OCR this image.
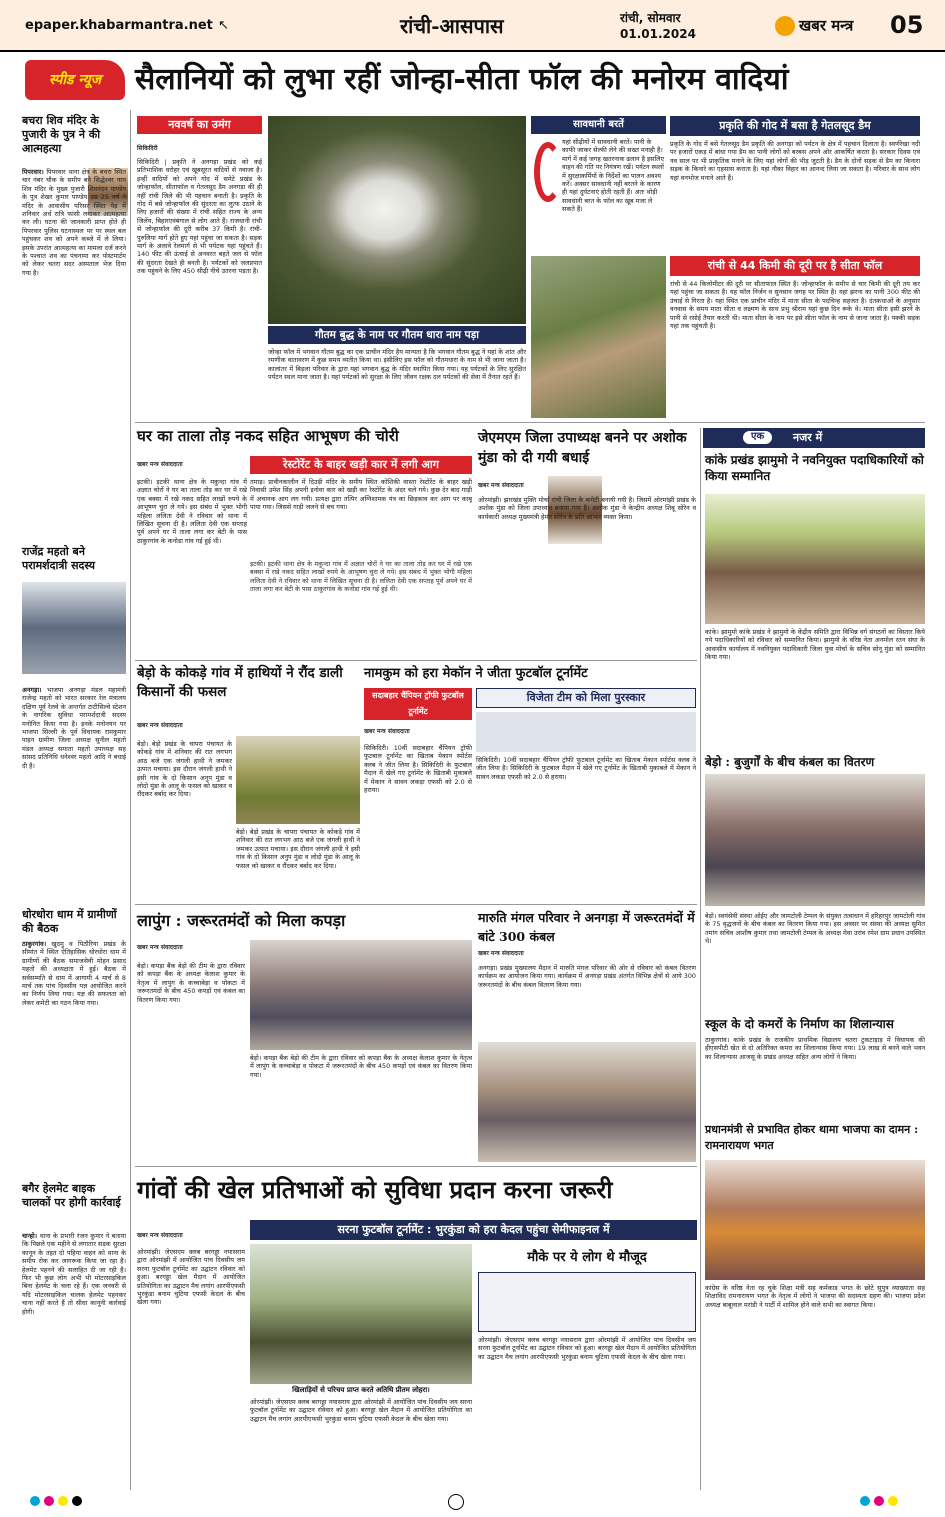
epaper.khabarmantra.net ↖	रांची-आसपास	रांची, सोमवार
01.01.2024	खबर मन्त्र 05
स्पीड न्यूज	सैलानियों को लुभा रहीं जोन्हा-सीता फॉल की मनोरम वादियां
बचरा शिव मंदिर के पुजारी के पुत्र ने की आत्महत्या
पिपरवार। पिपरवार थाना क्षेत्र के बचरा स्थित चार नंबर चौक के समीप बने सिद्धेश्वर नाथ शिव मंदिर के मुख्य पुजारी शिवनंदन पाण्डेय के पुत्र शेखर कुमार पाण्डेय उम्र 25 वर्ष ने मंदिर के आवासीय परिसर स्थित पेड़ में शनिवार अर्ध रात्रि फांसी लगाकर आत्महत्या कर ली। घटना की जानकारी प्राप्त होते ही पिपरवार पुलिस घटनास्थल पर पर स्थल बल पहुंचकर शव को अपने कब्जे में ले लिया। इसके उपरांत आत्महत्या का मामला दर्ज करने के पश्चात शव का पंचनामा कर पोस्टमार्टम को लेकर चतरा सदर अस्पताल भेज दिया गया है।
राजेंद्र महतो बने परामर्शदात्री सदस्य
अनगड़ा। भाजपा अनगड़ा मंडल महामंत्री राजेन्द्र महतो को भारत सरकार रेल मंत्रालय दक्षिण पूर्व रेलवे के अन्तर्गत टाटीसिल्वे स्टेशन के नागरिक सुविधा परामर्शदात्री सदस्य मनोनित किया गया है। इनके मनोनयन पर भाजपा सिल्ली के पूर्व विधायक रामकुमार पाहन ग्रामीण जिला अध्यक्ष सुनील महतो मंडल अध्यक्ष समाता महतो उपाध्यक्ष सह सांसद प्रतिनिधि धनेश्वर महतो आदि ने बधाई दी है।
धोरधोरा धाम में ग्रामीणों की बैठक
ठाकुरगांव। खुदमु व पिठौरिया प्रखंड के सीमांत में स्थित ऐतिहासिक धोरधोरा धाम में ग्रामीणों की बैठक समाजसेवी मोहन प्रसाद महतो की अध्यक्षता में हुई। बैठक में सर्वसम्मति से धाम में आगामी 4 मार्च से 8 मार्च तक पांच दिवसीय यज्ञ आयोजित करने का निर्णय लिया गया। यज्ञ की सफलता को लेकर कमेटी का गठन किया गया।
बगैर हेलमेट बाइक चालकों पर होगी कार्रवाई
चान्हो। थाना के प्रभारी रंजन कुमार ने बताया कि पिछले एक महीने से लगातार सड़क सुरक्षा कानून के तहत दो पहिया वाहन को थाना के समीप रोक कर जागरूक किया जा रहा है। हेलमेट पहनने की सलाहित दी जा रही है। फिर भी कुछ लोग अभी भी मोटरसाइकिल बिना हेलमेट के चला रहे हैं। एक जनवरी से यदि मोटरसाइकिल चालक हेलमेट पहनकर चाना नहीं करते हैं तो सीधा कानूनी कार्रवाई होगी।
नववर्ष का उमंग
सिकिदिरी
सिकिदिरी | प्रकृति ने अनगड़ा प्रखंड को कई प्रतिभाशिक धरोहर एवं खूबसूरत वादियों से नवाजा है। इन्हीं वादियों को अपने गोद में समेटे प्रखंड के जोन्हाफॉल, सीताफॉल व गेतलसूद डैम अनगड़ा की ही नहीं रांची जिले की भी पहचान बनाती है। प्रकृति के गोद में बसे जोन्हाफॉल की सुंदरता का लुत्फ उठाने के लिए हजारों की संख्या में रांची सहित राज्य के अन्य जिलेंय, बिहारएवंबंगाल से लोग आते हैं। राजधानी रांची से जोन्हाफॉल की दूरी करीब 37 किमी है। रांची-पुरुलिया मार्ग होते हुए यहां पहुंचा जा सकता है। सड़क मार्ग के अलावे रेलमार्ग से भी पर्यटक यहां पहुंचते हैं। 140 फीट की ऊंचाई से अनवरत बहते जल से फॉल की सुंदरता देखते ही बनती है। पर्यटकों को जलप्रपात तक पहुंचने के लिए 450 सीढ़ी नीचे उतरना पड़ता है।
गौतम बुद्ध के नाम पर गौतम धारा नाम पड़ा
जोन्हा फॉल में भगवान गौतम बुद्ध का एक प्राचीन मंदिर हैय मान्यता है कि भगवान गौतम बुद्ध ने यहां के शांत और रमणीक वातावरण में कुछ समय व्यतीत किया था। इसीलिए इस फॉल को गौतमधारा के नाम से भी जाना जाता है। कालांतर में बिड़ला परिवार के द्वारा यहां भगवान बुद्ध के मंदिर स्थापित किया गया। यह पर्यटकों के लिए सुरक्षित पर्यटन स्थल माना जाता है। यहां पर्यटकों को सुरक्षा के लिए जीवन रक्षक दल पर्यटकों की सेवा में तैनात रहते हैं।
सावधानी बरतें
यहां सीढ़ीयों में सावधानी बरतें। पानी के काफी जाकर सेल्फी लेने की सख्त मनाही है। मार्ग में कई जगह खतरनाक ढलान है इसलिए वाहन की गति पर नियंत्रण रखें। पर्यटन स्थलों में सुरक्षाकर्मियों के निर्देशों का पालन अवश्य करें। अक्सर सावधानी नहीं बरतने के कारण ही यहां दुर्घटनाएं होती रहती हैं। अतः थोड़ी सावधानी बरत के फॉल का खूब मजा ले सकते हैं।
प्रकृति की गोद में बसा है गेतलसूद डैम
प्रकृति के गोद में बसे गेतलसूद डैम प्रकृति की अनगड़ा को पर्यटन के क्षेत्र में पहचान दिलाता है। स्वर्णरेखा नदी पर हजारों एकड़ में बांधा गया डैम का पानी लोगों को बरबस अपने ओर आकर्षित करता है। सरकार दिवस एवं नव साल पर भी प्राकृतिक मनाने के लिए यहां लोगों की भीड़ जुटती है। डैम के दोनों सड़क से डैम का किनारा सड़क के किनारे का एहसास कराता है। यहां नौका विहार का आनन्द लिया जा सकता है। परिवार के साथ लोग यहां वनभोज मनाने आते हैं।
रांची से 44 किमी की दूरी पर है सीता फॉल
रांची से 44 किलोमीटर की दूरी पर सीताफाल स्थित है। जोन्हाफॉल के समीप से चार किमी की दूरी तय कर यहां पहुंचा जा सकता है। यह फॉल निर्जन व सुनसान जगह पर स्थित है। यहां झरना का पानी 300 फीट की उंचाई से गिरता है। यहां स्थित एक प्राचीन मंदिर में माता सीता के पदचिन्ह सहजत है। दंतकथाओं के अनुसार वनवास के समय माता सीता व लक्ष्मण के साथ प्रभु श्रीराम यहां कुछ दिन रूके थे। माता सीता इसी झरने के पानी से रसोई तैयार करती थी। माता सीता के नाम पर इसे सीता फॉल के नाम से जाना जाता है। पक्की सड़क यहां तक पहुंचती है।
घर का ताला तोड़ नकद सहित आभूषण की चोरी
खबर मन्त्र संवाददाता
इटकी। इटकी थाना क्षेत्र के मकुन्दा गांव में अज्ञात चोरों ने घर का ताला तोड़ कर घर में रखे एक बक्सा में रखे नकद सहित लाखों रुपये के आभूषण चुरा ले गये। इस संबंध में भुक्त भोगी महिला ललिता देवी ने रविवार को थाना में लिखित सूचना दी है। ललिता देवी एक सप्ताह पूर्व अपने घर में ताला लगा कर बेटी के पास ठाकुरगांव के कनोडा गांव गई हुई थी।
रेस्टोरेंट के बाहर खड़ी कार में लगी आग
तमाड़। प्रावीनकालीन में दिउड़ी मंदिर के समीप स्थित कोशिकी वास्ता रेस्टोरेंट के बाहर खड़ी निवासी उमेश सिंह अपनी इनोवा कार को खड़ी कर रेस्टोरेंट के अंदर चले गये। कुछ देर बाद गाड़ी में अचानक आग लग गयी। प्रत्यक्ष द्वारा तत्पिर अग्निशामक यंत्र का छिड़काव कर आग पर काबू पाया गया। जिससे गाड़ी जलने से बच गया।
इटकी। इटकी थाना क्षेत्र के मकुन्दा गांव में अज्ञात चोरों ने घर का ताला तोड़ कर घर में रखे एक बक्सा में रखे नकद सहित लाखों रुपये के आभूषण चुरा ले गये। इस संबंध में भुक्त भोगी महिला ललिता देवी ने रविवार को थाना में लिखित सूचना दी है। ललिता देवी एक सप्ताह पूर्व अपने घर में ताला लगा कर बेटी के पास ठाकुरगांव के कनोडा गांव गई हुई थी।
जेएमएम जिला उपाध्यक्ष बनने पर अशोक मुंडा को दी गयी बधाई
खबर मन्त्र संवाददाता
ओरमांझी। झारखंड मुक्ति मोर्चा रांची जिला के कमेटी बनायी गयी है। जिसमें ओरमांझी प्रखंड के अशोक मुंडा को जिला उपाध्यक्ष बनाया गया है। अशोक मुंडा ने केन्द्रीय अध्यक्ष शिबू सोरेन व कार्यकारी अध्यक्ष मुख्यमंत्री हेमंत सोरेन के प्रति आभार व्यक्त किया।
एक	नजर में
कांके प्रखंड झामुमो ने नवनियुक्त पदाधिकारियों को किया सम्मानित
कांके। झामुमो कांके प्रखंड ने झामुमो के केंद्रीय समिति द्वारा विभिन्न वर्ग संगठनों का विस्तार किये गये पदाधिकारियों को रविवार को सम्मानित किया। झामुमो के वरिष्ठ नेता अनमोल रतन संघा के आवासीय कार्यालय में नवनियुक्त पदाधिकारी जिला युवा मोर्चा के सचिव सोनू मुंडा को सम्मानित किया गया।
बेड़ो : बुजुर्गों के बीच कंबल का वितरण
बेड़ो। स्वयंसेवी संस्था ओईए और जामटोली टेम्पल के संयुक्त तत्वाधान में हरिहरपुर जामटोली गांव के 75 वृद्धजनों के बीच कंबल का वितरण किया गया। इस अवसर पर संस्था की अध्यक्ष सुमित तमांग सचिव आशीष कुमार तथा जामटोली टेम्पल के अध्यक्ष मेवा उरांव रमेश ग्राम प्रधान उपस्थित थे।
स्कूल के दो कमरों के निर्माण का शिलान्यास
ठाकुरगांव। कांके प्रखंड के राजकीय प्राथमिक विद्यालय चतरा टुकटाड़ाड़ में विधायक की हीएसपीटी खेत से दो अतिरिक्त कमरा का शिलान्यास किया गया। 19 लाख से बनने वाले भवन का शिलान्यास आजसू के प्रखंड अध्यक्ष सहित अन्य लोगों ने किया।
प्रधानमंत्री से प्रभावित होकर थामा भाजपा का दामन : रामनारायण भगत
कांग्रेस के वरिष्ठ नेता रह चुके शिक्षा मंत्री सह कर्मकाड भगत के छोटे सुपुत्र व्याख्याता सह शिक्षाविद रामनारायण भगत के नेतृत्व में लोगों ने भाजपा की सदस्यता ग्रहण की। भाजपा प्रदेश अध्यक्ष बाबूलाल मरांडी ने पार्टी में शामिल होने वाले सभी का स्वागत किया।
बेड़ो के कोकड़े गांव में हाथियों ने रौंद डाली किसानों की फसल
खबर मन्त्र संवाददाता
बेड़ो। बेड़ो प्रखंड के चापरा पंचायत के कोकड़े गांव में शनिवार की रात लगभग आठ बजे एक जंगली हाथी ने जमकर उत्पात मचाया। इस दौरान जंगली हाथी ने इसी गांव के दो किसान अनुप मुंडा व लोदो मुंडा के आलू के फसल को खाकर व रौंदकर बर्बाद कर दिया।
बेड़ो। बेड़ो प्रखंड के चापरा पंचायत के कोकड़े गांव में शनिवार की रात लगभग आठ बजे एक जंगली हाथी ने जमकर उत्पात मचाया। इस दौरान जंगली हाथी ने इसी गांव के दो किसान अनुप मुंडा व लोदो मुंडा के आलू के फसल को खाकर व रौंदकर बर्बाद कर दिया।
नामकुम को हरा मेकॉन ने जीता फुटबॉल टूर्नामेंट
सदाबहार चैंपियन ट्रॉफी फुटबॉल टूर्नामेंट
विजेता टीम को मिला पुरस्कार
खबर मन्त्र संवाददाता
सिकिदिरी। 10वीं सदाबहार चैंपियन ट्रॉफी फुटबाल टूर्नामेंट का खिताब मेकान स्पोर्टस क्लब ने जीत लिया है। सिकिदिरी के फुटबाल मैदान में खेले गए टूर्नामेंट के खिताबी मुकाबले में मेकान ने सावन लकड़ा एफसी को 2.0 से हराया।
सिकिदिरी। 10वीं सदाबहार चैंपियन ट्रॉफी फुटबाल टूर्नामेंट का खिताब मेकान स्पोर्टस क्लब ने जीत लिया है। सिकिदिरी के फुटबाल मैदान में खेले गए टूर्नामेंट के खिताबी मुकाबले में मेकान ने सावन लकड़ा एफसी को 2.0 से हराया।
लापुंग : जरूरतमंदों को मिला कपड़ा
खबर मन्त्र संवाददाता
बेड़ो। कपड़ा बैंक बेड़ो की टीम के द्वारा रविवार को कपड़ा बैंक के अध्यक्ष केलाश कुमार के नेतृत्व में लापुंग के कच्चाबेड़ा व पोकटा में जरूरतमंदों के बीच 450 कपड़ों एवं कंबल का वितरण किया गया।
बेड़ो। कपड़ा बैंक बेड़ो की टीम के द्वारा रविवार को कपड़ा बैंक के अध्यक्ष केलाश कुमार के नेतृत्व में लापुंग के कच्चाबेड़ा व पोकटा में जरूरतमंदों के बीच 450 कपड़ों एवं कंबल का वितरण किया गया।
मारुति मंगल परिवार ने अनगड़ा में जरूरतमंदों में बांटे 300 कंबल
खबर मन्त्र संवाददाता
अनगड़ा। प्रखंड मुख्यालय मैदान में मारुति मंगल परिवार की ओर से रविवार को कंबल वितरण कार्यक्रम का आयोजन किया गया। कार्यक्रम में अनगड़ा प्रखंड अंतर्गत विभिन्न क्षेत्रों से आये 300 जरूरतमंदों के बीच कंबल वितरण किया गया।
गांवों की खेल प्रतिभाओं को सुविधा प्रदान करना जरूरी
सरना फुटबॉल टूर्नामेंट : भुरकुंडा को हरा केदल पहुंचा सेमीफाइनल में
खबर मन्त्र संवाददाता
ओरमांझी। जेएसएम क्लब बरगड्डा नयासराय द्वारा ओरमांझी में आयोजित पांच दिवसीय जय सरना फुटबॉल टूर्नामेंट का उद्घाटन रविवार को हुआ। बरगड्डा खेल मैदान में आयोजित प्रतियोगिता का उद्घाटन मैच लगांग आरपीएफसी भुरकुंडा बनाम चुटिया एफसी केदल के बीच खेला गया।
खिलाड़ियों से परिचय प्राप्त करते अतिथि प्रीतम लोहरा।
ओरमांझी। जेएसएम क्लब बरगड्डा नयासराय द्वारा ओरमांझी में आयोजित पांच दिवसीय जय सरना फुटबॉल टूर्नामेंट का उद्घाटन रविवार को हुआ। बरगड्डा खेल मैदान में आयोजित प्रतियोगिता का उद्घाटन मैच लगांग आरपीएफसी भुरकुंडा बनाम चुटिया एफसी केदल के बीच खेला गया।
मौके पर ये लोग थे मौजूद
ओरमांझी। जेएसएम क्लब बरगड्डा नयासराय द्वारा ओरमांझी में आयोजित पांच दिवसीय जय सरना फुटबॉल टूर्नामेंट का उद्घाटन रविवार को हुआ। बरगड्डा खेल मैदान में आयोजित प्रतियोगिता का उद्घाटन मैच लगांग आरपीएफसी भुरकुंडा बनाम चुटिया एफसी केदल के बीच खेला गया।
